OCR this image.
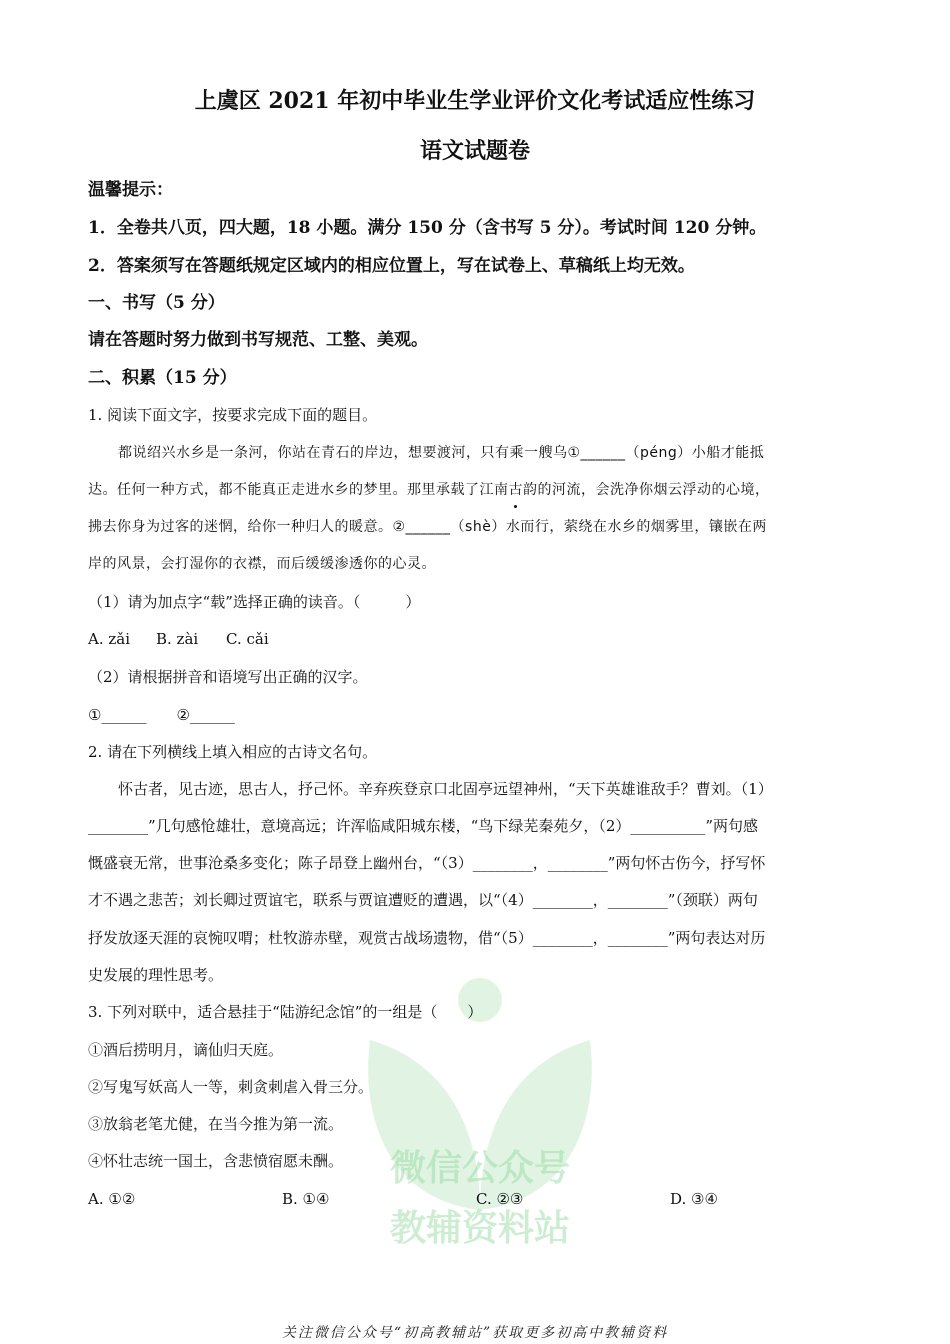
微信公众号
教辅资料站
上虞区 2021 年初中毕业生学业评价文化考试适应性练习
语文试题卷
温馨提示：
1．全卷共八页，四大题，18 小题。满分 150 分（含书写 5 分）。考试时间 120 分钟。
2．答案须写在答题纸规定区域内的相应位置上，写在试卷上、草稿纸上均无效。
一、书写（5 分）
请在答题时努力做到书写规范、工整、美观。
二、积累（15 分）
1. 阅读下面文字，按要求完成下面的题目。
都说绍兴水乡是一条河，你站在青石的岸边，想要渡河，只有乘一艘乌①______（péng）小船才能抵
达。任何一种方式，都不能真正走进水乡的梦里。那里承载了江南古韵的河流，会洗净你烟云浮动的心境，
拂去你身为过客的迷惘，给你一种归人的暖意。②______（shè）水而行，萦绕在水乡的烟雾里，镶嵌在两
岸的风景，会打湿你的衣襟，而后缓缓渗透你的心灵。
（1）请为加点字“载”选择正确的读音。（　　　）
A. zǎi B. zài C. cǎi
（2）请根据拼音和语境写出正确的汉字。
①______　　②______
2. 请在下列横线上填入相应的古诗文名句。
怀古者，见古迹，思古人，抒己怀。辛弃疾登京口北固亭远望神州，“天下英雄谁敌手？曹刘。（1）
________”几句感怆雄壮，意境高远；许浑临咸阳城东楼，“鸟下绿芜秦苑夕，（2）__________”两句感
慨盛衰无常，世事沧桑多变化；陈子昂登上幽州台，“（3）________，________”两句怀古伤今，抒写怀
才不遇之悲苦；刘长卿过贾谊宅，联系与贾谊遭贬的遭遇，以“（4）________，________”（颈联）两句
抒发放逐天涯的哀惋叹喟；杜牧游赤壁，观赏古战场遗物，借“（5）________，________”两句表达对历
史发展的理性思考。
3. 下列对联中，适合悬挂于“陆游纪念馆”的一组是（　　）
①酒后捞明月，谪仙归天庭。
②写鬼写妖高人一等，刺贪刺虐入骨三分。
③放翁老笔尤健，在当今推为第一流。
④怀壮志统一国土，含悲愤宿愿未酬。
A. ①②	B. ①④	C. ②③	D. ③④
关注微信公众号“初高教辅站”获取更多初高中教辅资料
